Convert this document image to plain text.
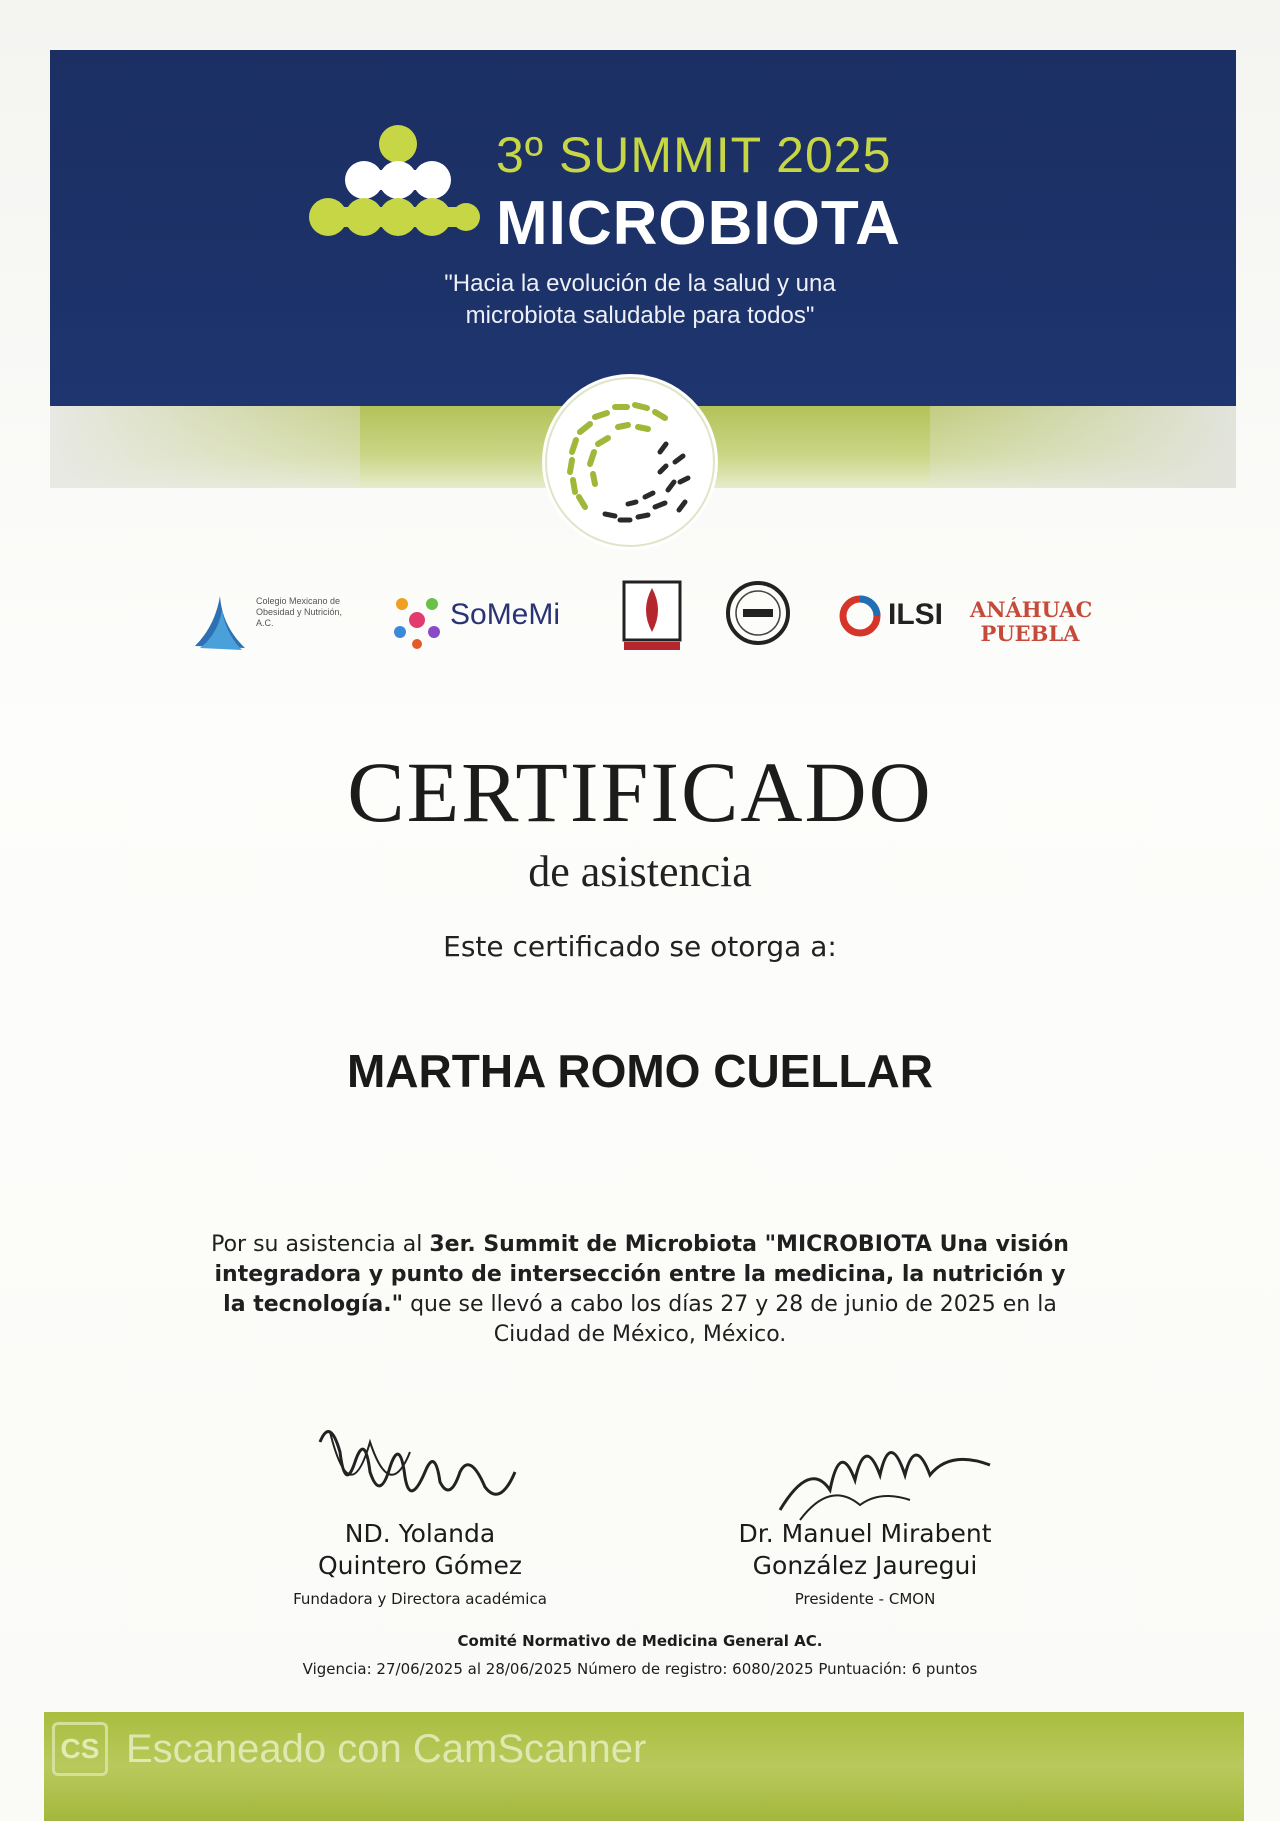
3º SUMMIT 2025
MICROBIOTA
"Hacia la evolución de la salud y una
microbiota saludable para todos"
Colegio Mexicano de Obesidad y Nutrición, A.C.	SoMeMi	ILSI ANÁHUAC
PUEBLA
CERTIFICADO
de asistencia
Este certificado se otorga a:
MARTHA ROMO CUELLAR
Por su asistencia al 3er. Summit de Microbiota "MICROBIOTA Una visión integradora y punto de intersección entre la medicina, la nutrición y la tecnología." que se llevó a cabo los días 27 y 28 de junio de 2025 en la Ciudad de México, México.
ND. Yolanda
Quintero Gómez
Fundadora y Directora académica
Dr. Manuel Mirabent
González Jauregui
Presidente - CMON
Comité Normativo de Medicina General AC.
Vigencia: 27/06/2025 al 28/06/2025 Número de registro: 6080/2025 Puntuación: 6 puntos
CS Escaneado con CamScanner
